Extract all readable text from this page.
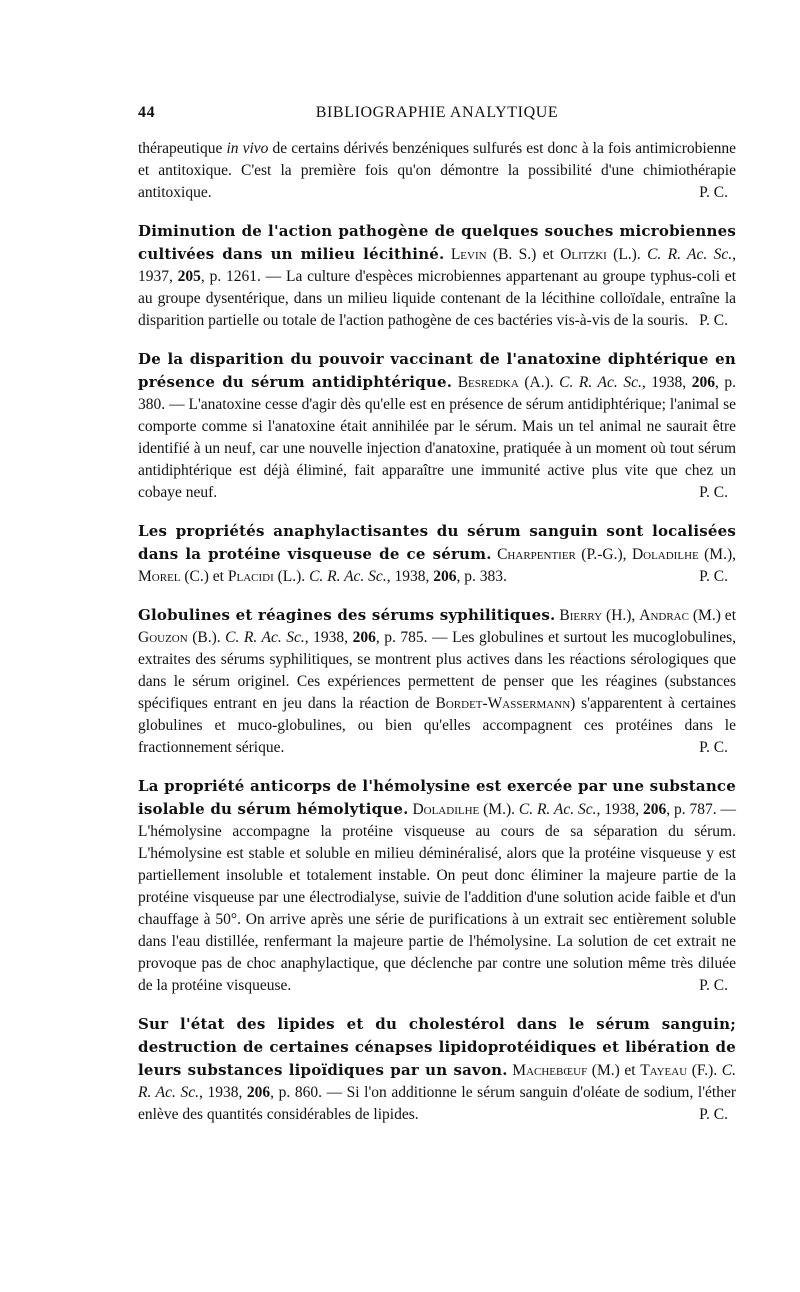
44	BIBLIOGRAPHIE ANALYTIQUE

thérapeutique in vivo de certains dérivés benzéniques sulfurés est donc à la fois antimicrobienne et antitoxique. C'est la première fois qu'on démontre la possibilité d'une chimiothérapie antitoxique.	P. C.

Diminution de l'action pathogène de quelques souches microbiennes cultivées dans un milieu lécithiné. Levin (B. S.) et Olitzki (L.). C. R. Ac. Sc., 1937, 205, p. 1261. — La culture d'espèces microbiennes appartenant au groupe typhus-coli et au groupe dysentérique, dans un milieu liquide contenant de la lécithine colloïdale, entraîne la disparition partielle ou totale de l'action pathogène de ces bactéries vis-à-vis de la souris. P. C.

De la disparition du pouvoir vaccinant de l'anatoxine diphtérique en présence du sérum antidiphtérique. Besredka (A.). C. R. Ac. Sc., 1938, 206, p. 380. — L'anatoxine cesse d'agir dès qu'elle est en présence de sérum antidiphtérique; l'animal se comporte comme si l'anatoxine était annihilée par le sérum. Mais un tel animal ne saurait être identifié à un neuf, car une nouvelle injection d'anatoxine, pratiquée à un moment où tout sérum antidiphtérique est déjà éliminé, fait apparaître une immunité active plus vite que chez un cobaye neuf.	P. C.

Les propriétés anaphylactisantes du sérum sanguin sont localisées dans la protéine visqueuse de ce sérum. Charpentier (P.-G.), Doladilhe (M.), Morel (C.) et Placidi (L.). C. R. Ac. Sc., 1938, 206, p. 383.	P. C.

Globulines et réagines des sérums syphilitiques. Bierry (H.), Andrac (M.) et Gouzon (B.). C. R. Ac. Sc., 1938, 206, p. 785. — Les globulines et surtout les mucoglobulines, extraites des sérums syphilitiques, se montrent plus actives dans les réactions sérologiques que dans le sérum originel. Ces expériences permettent de penser que les réagines (substances spécifiques entrant en jeu dans la réaction de Bordet-Wassermann) s'apparentent à certaines globulines et muco-globulines, ou bien qu'elles accompagnent ces protéines dans le fractionnement sérique.	P. C.

La propriété anticorps de l'hémolysine est exercée par une substance isolable du sérum hémolytique. Doladilhe (M.). C. R. Ac. Sc., 1938, 206, p. 787. — L'hémolysine accompagne la protéine visqueuse au cours de sa séparation du sérum. L'hémolysine est stable et soluble en milieu déminéralisé, alors que la protéine visqueuse y est partiellement insoluble et totalement instable. On peut donc éliminer la majeure partie de la protéine visqueuse par une électrodialyse, suivie de l'addition d'une solution acide faible et d'un chauffage à 50°. On arrive après une série de purifications à un extrait sec entièrement soluble dans l'eau distillée, renfermant la majeure partie de l'hémolysine. La solution de cet extrait ne provoque pas de choc anaphylactique, que déclenche par contre une solution même très diluée de la protéine visqueuse.	P. C.

Sur l'état des lipides et du cholestérol dans le sérum sanguin; destruction de certaines cénapses lipidoprotéidiques et libération de leurs substances lipoïdiques par un savon. Machebœuf (M.) et Tayeau (F.). C. R. Ac. Sc., 1938, 206, p. 860. — Si l'on additionne le sérum sanguin d'oléate de sodium, l'éther enlève des quantités considérables de lipides.	P. C.
